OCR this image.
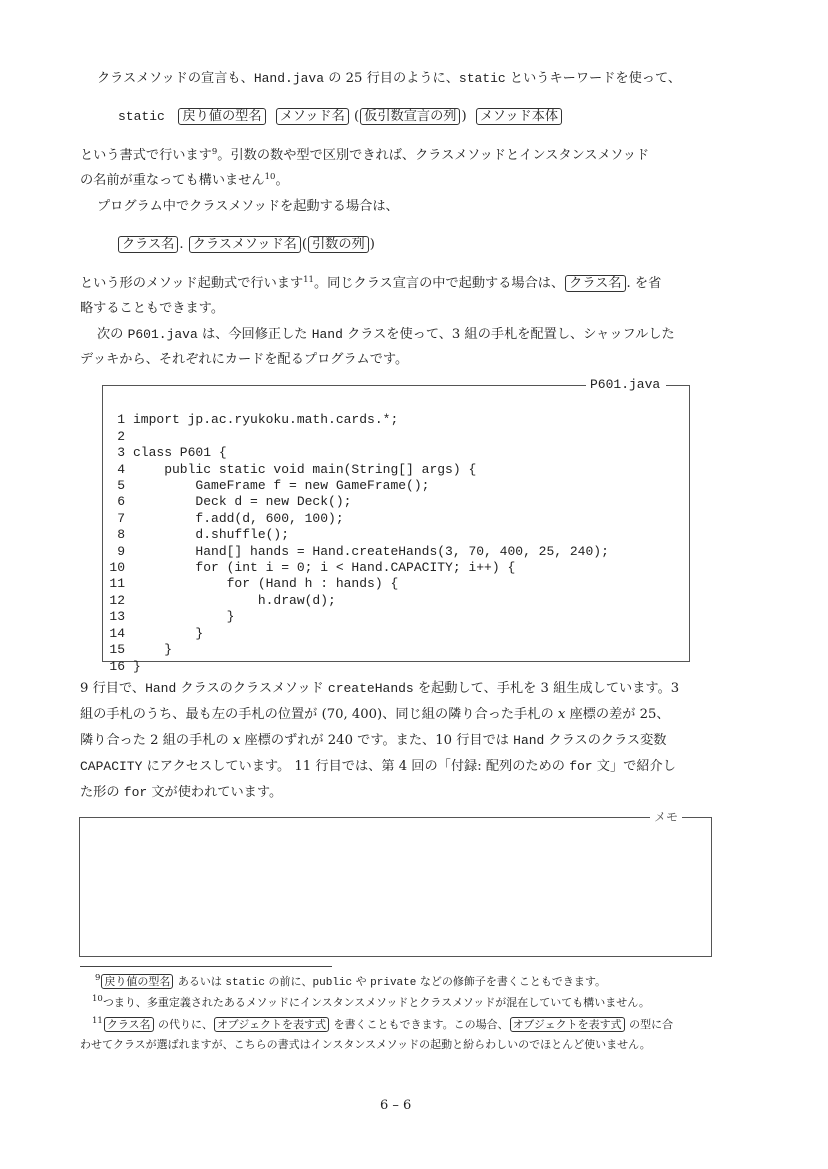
クラスメソッドの宣言も、Hand.java の 25 行目のように、static というキーワードを使って、
static 戻り値の型名 メソッド名 ( 仮引数宣言の列 ) メソッド本体
という書式で行います$^9$。引数の数や型で区別できれば、クラスメソッドとインスタンスメソッド
の名前が重なっても構いません$^{10}$。
プログラム中でクラスメソッドを起動する場合は、
クラス名 . クラスメソッド名 ( 引数の列 )
という形のメソッド起動式で行います$^{11}$。同じクラス宣言の中で起動する場合は、 クラス名 . を省
略することもできます。
次の P601.java は、今回修正した Hand クラスを使って、3 組の手札を配置し、シャッフルした
デッキから、それぞれにカードを配るプログラムです。
P601.java

1 import jp.ac.ryukoku.math.cards.*;
2
3 class P601 {
4    public static void main(String[] args) {
5        GameFrame f = new GameFrame();
6        Deck d = new Deck();
7        f.add(d, 600, 100);
8        d.shuffle();
9        Hand[] hands = Hand.createHands(3, 70, 400, 25, 240);
10        for (int i = 0; i < Hand.CAPACITY; i++) {
11            for (Hand h : hands) {
12                h.draw(d);
13            }
14        }
15    }
16 }

9 行目で、Hand クラスのクラスメソッド createHands を起動して、手札を 3 組生成しています。3
組の手札のうち、最も左の手札の位置が (70, 400)、同じ組の隣り合った手札の x 座標の差が 25、
隣り合った 2 組の手札の x 座標のずれが 240 です。また、10 行目では Hand クラスのクラス変数
CAPACITY にアクセスしています。 11 行目では、第 4 回の「付録: 配列のための for 文」で紹介し
た形の for 文が使われています。
メモ
$^9$ 戻り値の型名 あるいは static の前に、public や private などの修飾子を書くこともできます。
$^{10}$つまり、多重定義されたあるメソッドにインスタンスメソッドとクラスメソッドが混在していても構いません。
$^{11}$ クラス名 の代りに、 オブジェクトを表す式 を書くこともできます。この場合、 オブジェクトを表す式 の型に合
わせてクラスが選ばれますが、こちらの書式はインスタンスメソッドの起動と紛らわしいのでほとんど使いません。
6 – 6
